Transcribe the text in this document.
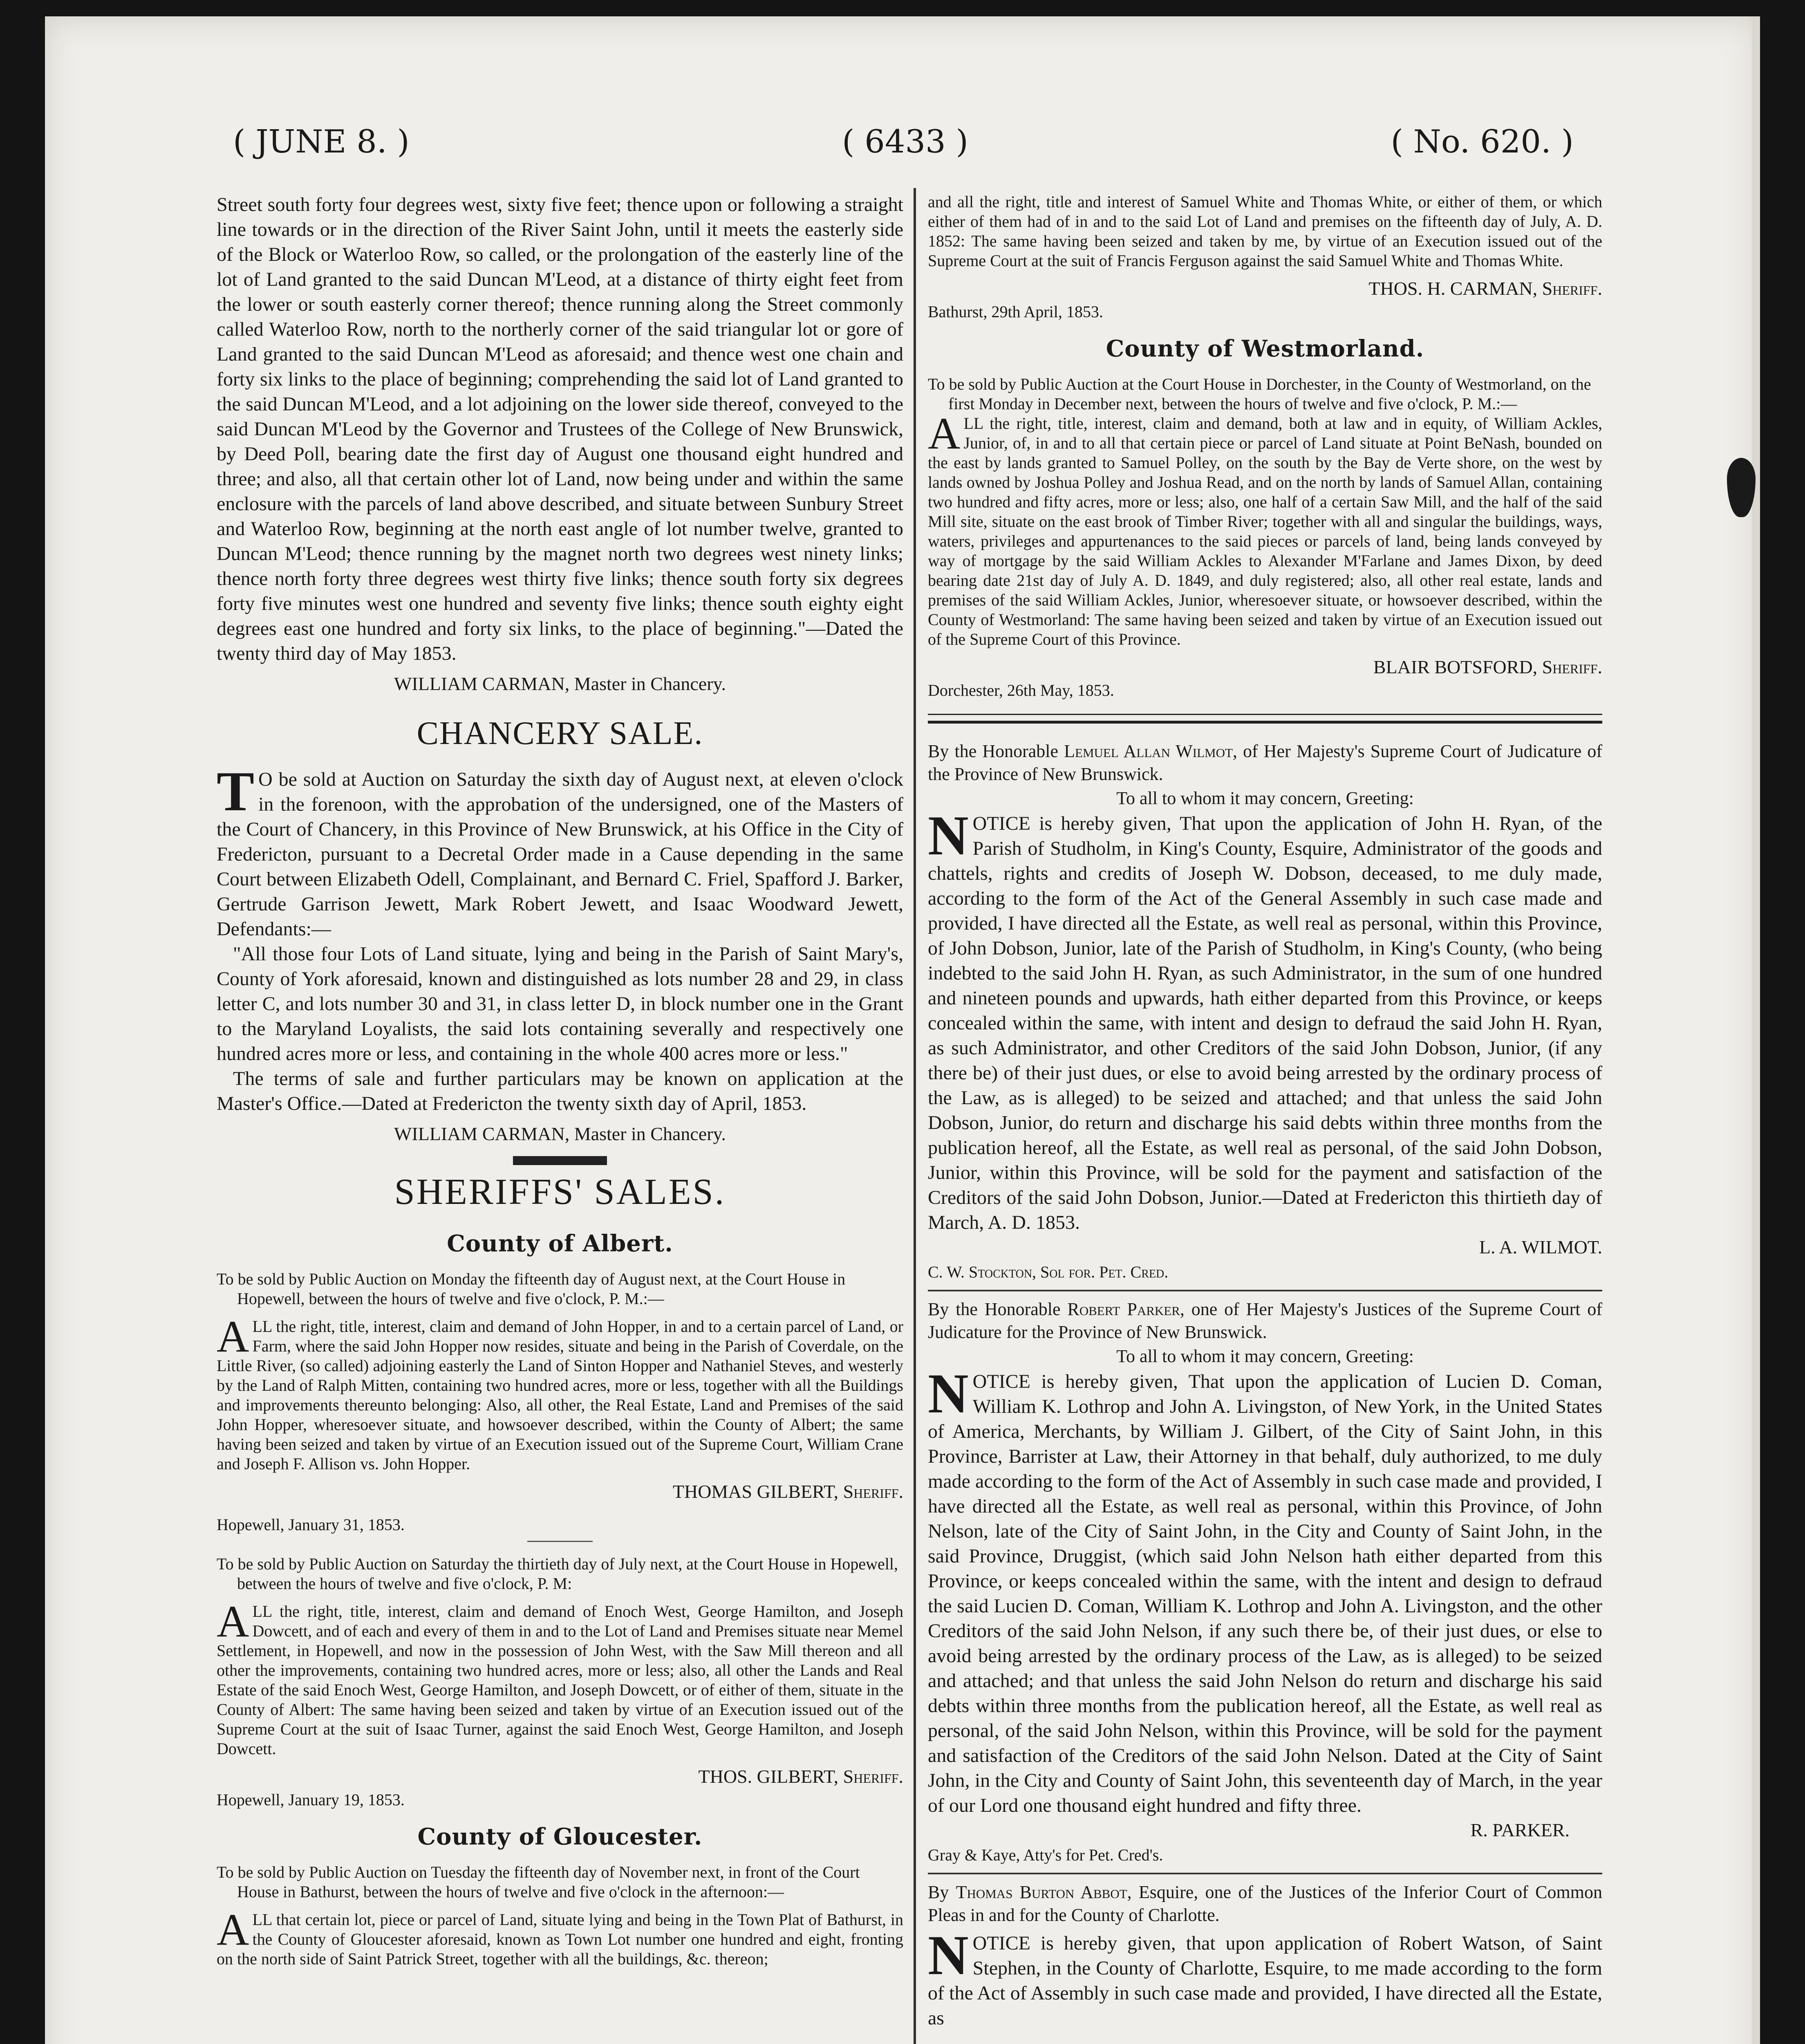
( JUNE 8. )	( 6433 )	( No. 620. )

Street south forty four degrees west, sixty five feet; thence upon or following a straight line towards or in the direction of the River Saint John, until it meets the easterly side of the Block or Waterloo Row, so called, or the prolongation of the easterly line of the lot of Land granted to the said Duncan M'Leod, at a distance of thirty eight feet from the lower or south easterly corner thereof; thence running along the Street commonly called Waterloo Row, north to the northerly corner of the said triangular lot or gore of Land granted to the said Duncan M'Leod as aforesaid; and thence west one chain and forty six links to the place of beginning; comprehending the said lot of Land granted to the said Duncan M'Leod, and a lot adjoining on the lower side thereof, conveyed to the said Duncan M'Leod by the Governor and Trustees of the College of New Brunswick, by Deed Poll, bearing date the first day of August one thousand eight hundred and three; and also, all that certain other lot of Land, now being under and within the same enclosure with the parcels of land above described, and situate between Sunbury Street and Waterloo Row, beginning at the north east angle of lot number twelve, granted to Duncan M'Leod; thence running by the magnet north two degrees west ninety links; thence north forty three degrees west thirty five links; thence south forty six degrees forty five minutes west one hundred and seventy five links; thence south eighty eight degrees east one hundred and forty six links, to the place of beginning."—Dated the twenty third day of May 1853.

WILLIAM CARMAN, Master in Chancery.

CHANCERY SALE.

T O be sold at Auction on Saturday the sixth day of August next, at eleven o'clock in the forenoon, with the approbation of the undersigned, one of the Masters of the Court of Chancery, in this Province of New Brunswick, at his Office in the City of Fredericton, pursuant to a Decretal Order made in a Cause depending in the same Court between Elizabeth Odell, Complainant, and Bernard C. Friel, Spafford J. Barker, Gertrude Garrison Jewett, Mark Robert Jewett, and Isaac Woodward Jewett, Defendants:—

"All those four Lots of Land situate, lying and being in the Parish of Saint Mary's, County of York aforesaid, known and distinguished as lots number 28 and 29, in class letter C, and lots number 30 and 31, in class letter D, in block number one in the Grant to the Maryland Loyalists, the said lots containing severally and respectively one hundred acres more or less, and containing in the whole 400 acres more or less."

The terms of sale and further particulars may be known on application at the Master's Office.—Dated at Fredericton the twenty sixth day of April, 1853.

WILLIAM CARMAN, Master in Chancery.

SHERIFFS' SALES.
County of Albert.

To be sold by Public Auction on Monday the fifteenth day of August next, at the Court House in Hopewell, between the hours of twelve and five o'clock, P. M.:—

ALL the right, title, interest, claim and demand of John Hopper, in and to a certain parcel of Land, or Farm, where the said John Hopper now resides, situate and being in the Parish of Coverdale, on the Little River, (so called) adjoining easterly the Land of Sinton Hopper and Nathaniel Steves, and westerly by the Land of Ralph Mitten, containing two hundred acres, more or less, together with all the Buildings and improvements thereunto belonging: Also, all other, the Real Estate, Land and Premises of the said John Hopper, wheresoever situate, and howsoever described, within the County of Albert; the same having been seized and taken by virtue of an Execution issued out of the Supreme Court, William Crane and Joseph F. Allison vs. John Hopper.

THOMAS GILBERT, Sheriff.

Hopewell, January 31, 1853.

To be sold by Public Auction on Saturday the thirtieth day of July next, at the Court House in Hopewell, between the hours of twelve and five o'clock, P. M:

ALL the right, title, interest, claim and demand of Enoch West, George Hamilton, and Joseph Dowcett, and of each and every of them in and to the Lot of Land and Premises situate near Memel Settlement, in Hopewell, and now in the possession of John West, with the Saw Mill thereon and all other the improvements, containing two hundred acres, more or less; also, all other the Lands and Real Estate of the said Enoch West, George Hamilton, and Joseph Dowcett, or of either of them, situate in the County of Albert: The same having been seized and taken by virtue of an Execution issued out of the Supreme Court at the suit of Isaac Turner, against the said Enoch West, George Hamilton, and Joseph Dowcett.

THOS. GILBERT, Sheriff.

Hopewell, January 19, 1853.

County of Gloucester.

To be sold by Public Auction on Tuesday the fifteenth day of November next, in front of the Court House in Bathurst, between the hours of twelve and five o'clock in the afternoon:—

ALL that certain lot, piece or parcel of Land, situate lying and being in the Town Plat of Bathurst, in the County of Gloucester aforesaid, known as Town Lot number one hundred and eight, fronting on the north side of Saint Patrick Street, together with all the buildings, &c. thereon;

and all the right, title and interest of Samuel White and Thomas White, or either of them, or which either of them had of in and to the said Lot of Land and premises on the fifteenth day of July, A. D. 1852: The same having been seized and taken by me, by virtue of an Execution issued out of the Supreme Court at the suit of Francis Ferguson against the said Samuel White and Thomas White.

THOS. H. CARMAN, Sheriff.

Bathurst, 29th April, 1853.

County of Westmorland.

To be sold by Public Auction at the Court House in Dorchester, in the County of Westmorland, on the first Monday in December next, between the hours of twelve and five o'clock, P. M.:—

ALL the right, title, interest, claim and demand, both at law and in equity, of William Ackles, Junior, of, in and to all that certain piece or parcel of Land situate at Point BeNash, bounded on the east by lands granted to Samuel Polley, on the south by the Bay de Verte shore, on the west by lands owned by Joshua Polley and Joshua Read, and on the north by lands of Samuel Allan, containing two hundred and fifty acres, more or less; also, one half of a certain Saw Mill, and the half of the said Mill site, situate on the east brook of Timber River; together with all and singular the buildings, ways, waters, privileges and appurtenances to the said pieces or parcels of land, being lands conveyed by way of mortgage by the said William Ackles to Alexander M'Farlane and James Dixon, by deed bearing date 21st day of July A. D. 1849, and duly registered; also, all other real estate, lands and premises of the said William Ackles, Junior, wheresoever situate, or howsoever described, within the County of Westmorland: The same having been seized and taken by virtue of an Execution issued out of the Supreme Court of this Province.

BLAIR BOTSFORD, Sheriff.

Dorchester, 26th May, 1853.

By the Honorable Lemuel Allan Wilmot, of Her Majesty's Supreme Court of Judicature of the Province of New Brunswick.

To all to whom it may concern, Greeting:

NOTICE is hereby given, That upon the application of John H. Ryan, of the Parish of Studholm, in King's County, Esquire, Administrator of the goods and chattels, rights and credits of Joseph W. Dobson, deceased, to me duly made, according to the form of the Act of the General Assembly in such case made and provided, I have directed all the Estate, as well real as personal, within this Province, of John Dobson, Junior, late of the Parish of Studholm, in King's County, (who being indebted to the said John H. Ryan, as such Administrator, in the sum of one hundred and nineteen pounds and upwards, hath either departed from this Province, or keeps concealed within the same, with intent and design to defraud the said John H. Ryan, as such Administrator, and other Creditors of the said John Dobson, Junior, (if any there be) of their just dues, or else to avoid being arrested by the ordinary process of the Law, as is alleged) to be seized and attached; and that unless the said John Dobson, Junior, do return and discharge his said debts within three months from the publication hereof, all the Estate, as well real as personal, of the said John Dobson, Junior, within this Province, will be sold for the payment and satisfaction of the Creditors of the said John Dobson, Junior.—Dated at Fredericton this thirtieth day of March, A. D. 1853.

L. A. WILMOT.

C. W. Stockton, Sol for. Pet. Cred.

By the Honorable Robert Parker, one of Her Majesty's Justices of the Supreme Court of Judicature for the Province of New Brunswick.

To all to whom it may concern, Greeting:

NOTICE is hereby given, That upon the application of Lucien D. Coman, William K. Lothrop and John A. Livingston, of New York, in the United States of America, Merchants, by William J. Gilbert, of the City of Saint John, in this Province, Barrister at Law, their Attorney in that behalf, duly authorized, to me duly made according to the form of the Act of Assembly in such case made and provided, I have directed all the Estate, as well real as personal, within this Province, of John Nelson, late of the City of Saint John, in the City and County of Saint John, in the said Province, Druggist, (which said John Nelson hath either departed from this Province, or keeps concealed within the same, with the intent and design to defraud the said Lucien D. Coman, William K. Lothrop and John A. Livingston, and the other Creditors of the said John Nelson, if any such there be, of their just dues, or else to avoid being arrested by the ordinary process of the Law, as is alleged) to be seized and attached; and that unless the said John Nelson do return and discharge his said debts within three months from the publication hereof, all the Estate, as well real as personal, of the said John Nelson, within this Province, will be sold for the payment and satisfaction of the Creditors of the said John Nelson. Dated at the City of Saint John, in the City and County of Saint John, this seventeenth day of March, in the year of our Lord one thousand eight hundred and fifty three.

R. PARKER.

Gray & Kaye, Atty's for Pet. Cred's.

By Thomas Burton Abbot, Esquire, one of the Justices of the Inferior Court of Common Pleas in and for the County of Charlotte.

NOTICE is hereby given, that upon application of Robert Watson, of Saint Stephen, in the County of Charlotte, Esquire, to me made according to the form of the Act of Assembly in such case made and provided, I have directed all the Estate, as
